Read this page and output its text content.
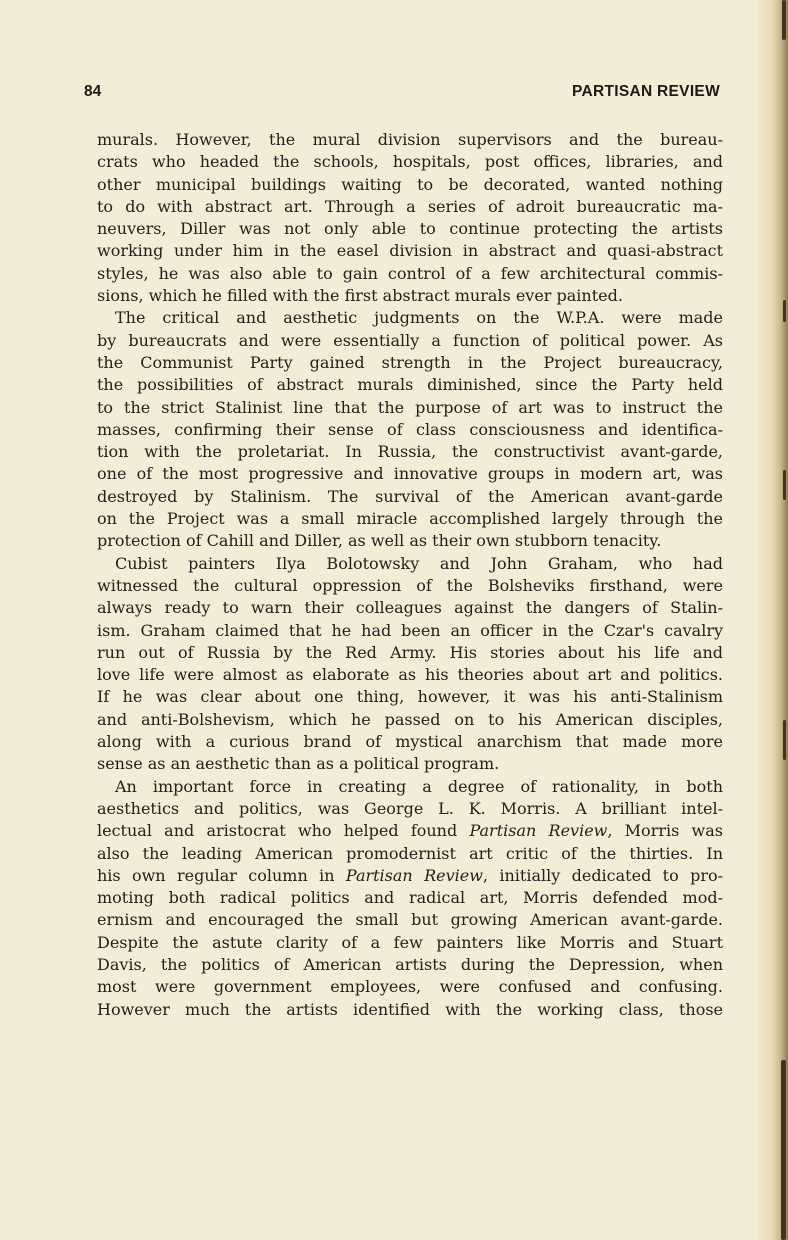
84	PARTISAN REVIEW
murals. However, the mural division supervisors and the bureau-
crats who headed the schools, hospitals, post offices, libraries, and
other municipal buildings waiting to be decorated, wanted nothing
to do with abstract art. Through a series of adroit bureaucratic ma-
neuvers, Diller was not only able to continue protecting the artists
working under him in the easel division in abstract and quasi-abstract
styles, he was also able to gain control of a few architectural commis-
sions, which he filled with the first abstract murals ever painted.
The critical and aesthetic judgments on the W.P.A. were made
by bureaucrats and were essentially a function of political power. As
the Communist Party gained strength in the Project bureaucracy,
the possibilities of abstract murals diminished, since the Party held
to the strict Stalinist line that the purpose of art was to instruct the
masses, confirming their sense of class consciousness and identifica-
tion with the proletariat. In Russia, the constructivist avant-garde,
one of the most progressive and innovative groups in modern art, was
destroyed by Stalinism. The survival of the American avant-garde
on the Project was a small miracle accomplished largely through the
protection of Cahill and Diller, as well as their own stubborn tenacity.
Cubist painters Ilya Bolotowsky and John Graham, who had
witnessed the cultural oppression of the Bolsheviks firsthand, were
always ready to warn their colleagues against the dangers of Stalin-
ism. Graham claimed that he had been an officer in the Czar's cavalry
run out of Russia by the Red Army. His stories about his life and
love life were almost as elaborate as his theories about art and politics.
If he was clear about one thing, however, it was his anti-Stalinism
and anti-Bolshevism, which he passed on to his American disciples,
along with a curious brand of mystical anarchism that made more
sense as an aesthetic than as a political program.
An important force in creating a degree of rationality, in both
aesthetics and politics, was George L. K. Morris. A brilliant intel-
lectual and aristocrat who helped found Partisan Review, Morris was
also the leading American promodernist art critic of the thirties. In
his own regular column in Partisan Review, initially dedicated to pro-
moting both radical politics and radical art, Morris defended mod-
ernism and encouraged the small but growing American avant-garde.
Despite the astute clarity of a few painters like Morris and Stuart
Davis, the politics of American artists during the Depression, when
most were government employees, were confused and confusing.
However much the artists identified with the working class, those
